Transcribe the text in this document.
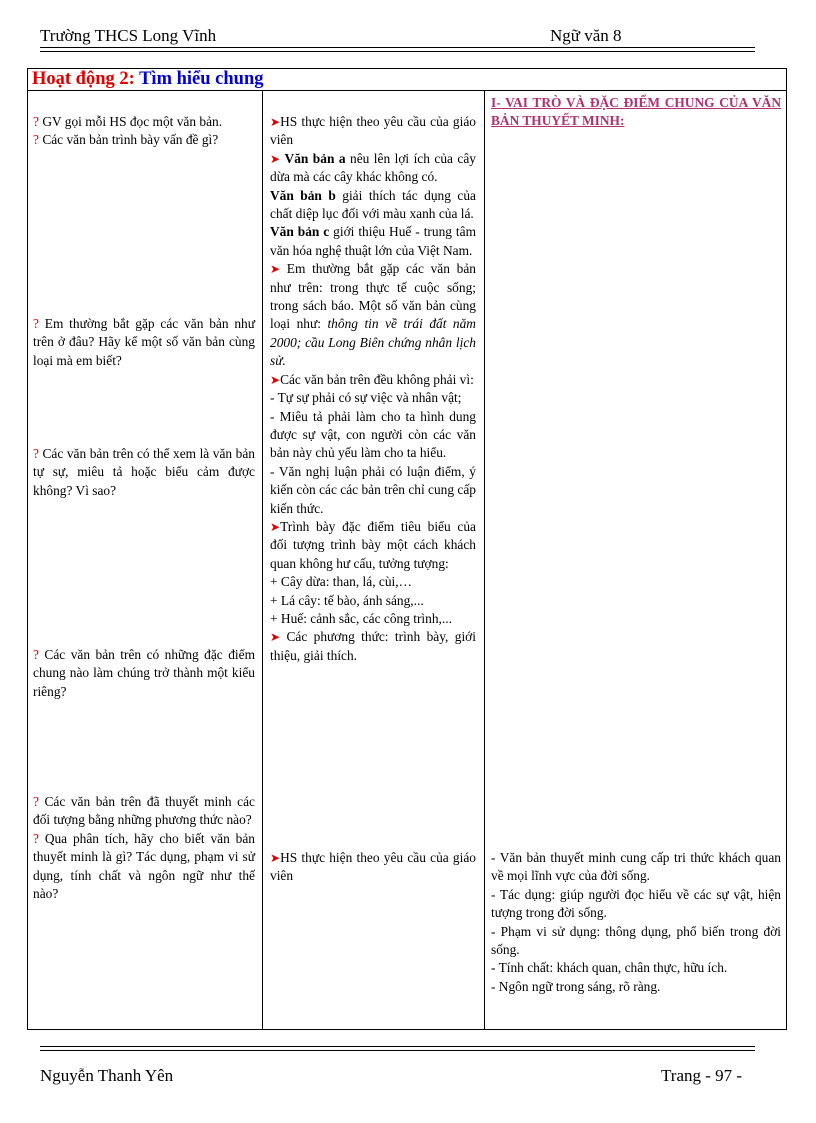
Trường THCS Long Vĩnh	Ngữ văn 8
Hoạt động 2: Tìm hiểu chung

? GV gọi mỗi HS đọc một văn bản.

? Các văn bản trình bày vấn đề gì?

? Em thường bắt gặp các văn bản như trên ở đâu? Hãy kể một số văn bản cùng loại mà em biết?

? Các văn bản trên có thể xem là văn bản tự sự, miêu tả hoặc biểu cảm được không? Vì sao?

? Các văn bản trên có những đặc điểm chung nào làm chúng trở thành một kiểu riêng?

? Các văn bản trên đã thuyết minh các đối tượng bằng những phương thức nào?

? Qua phân tích, hãy cho biết văn bản thuyết minh là gì? Tác dụng, phạm vi sử dụng, tính chất và ngôn ngữ như thế nào?

➤HS thực hiện theo yêu cầu của giáo viên

➤ Văn bản a nêu lên lợi ích của cây dừa mà các cây khác không có.

Văn bản b giải thích tác dụng của chất diệp lục đối với màu xanh của lá.

Văn bản c giới thiệu Huế - trung tâm văn hóa nghệ thuật lớn của Việt Nam.

➤ Em thường bắt gặp các văn bản như trên: trong thực tế cuộc sống; trong sách báo. Một số văn bản cùng loại như: thông tin về trái đất năm 2000; cầu Long Biên chứng nhân lịch sử.

➤Các văn bản trên đều không phải vì:

- Tự sự phải có sự việc và nhân vật;

- Miêu tả phải làm cho ta hình dung được sự vật, con người còn các văn bản này chủ yếu làm cho ta hiểu.

- Văn nghị luận phải có luận điểm, ý kiến còn các các bản trên chỉ cung cấp kiến thức.

➤Trình bày đặc điểm tiêu biểu của đối tượng trình bày một cách khách quan không hư cấu, tưởng tượng:

+ Cây dừa: than, lá, cùi,…

+ Lá cây: tế bào, ánh sáng,...

+ Huế: cảnh sắc, các công trình,...

➤ Các phương thức: trình bày, giới thiệu, giải thích.

➤HS thực hiện theo yêu cầu của giáo viên

I- VAI TRÒ VÀ ĐẶC ĐIỂM CHUNG CỦA VĂN BẢN THUYẾT MINH:

- Văn bản thuyết minh cung cấp tri thức khách quan về mọi lĩnh vực của đời sống.

- Tác dụng: giúp người đọc hiểu về các sự vật, hiện tượng trong đời sống.

- Phạm vi sử dụng: thông dụng, phổ biến trong đời sống.

- Tính chất: khách quan, chân thực, hữu ích.

- Ngôn ngữ trong sáng, rõ ràng.

Nguyễn Thanh Yên	Trang - 97 -
